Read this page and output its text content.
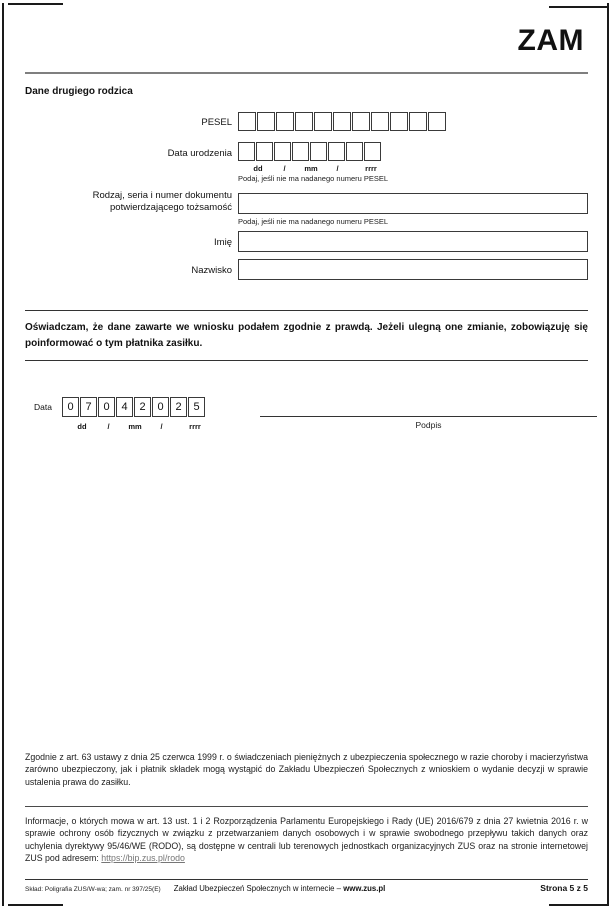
ZAM
Dane drugiego rodzica
PESEL
Data urodzenia
dd	/	mm	/	rrrr
Podaj, jeśli nie ma nadanego numeru PESEL
Rodzaj, seria i numer dokumentu
potwierdzającego tożsamość
Podaj, jeśli nie ma nadanego numeru PESEL
Imię
Nazwisko
Oświadczam, że dane zawarte we wniosku podałem zgodnie z prawdą. Jeżeli ulegną one zmianie, zobowiązuję się poinformować o tym płatnika zasiłku.
Data	0	7	0	4	2	0	2	5
dd	/	mm	/	rrrr	Podpis
Zgodnie z art. 63 ustawy z dnia 25 czerwca 1999 r. o świadczeniach pieniężnych z ubezpieczenia społecznego w razie choroby i macierzyństwa zarówno ubezpieczony, jak i płatnik składek mogą wystąpić do Zakładu Ubezpieczeń Społecznych z wnioskiem o wydanie decyzji w sprawie ustalenia prawa do zasiłku.
Informacje, o których mowa w art. 13 ust. 1 i 2 Rozporządzenia Parlamentu Europejskiego i Rady (UE) 2016/679 z dnia 27 kwietnia 2016 r. w sprawie ochrony osób fizycznych w związku z przetwarzaniem danych osobowych i w sprawie swobodnego przepływu takich danych oraz uchylenia dyrektywy 95/46/WE (RODO), są dostępne w centrali lub terenowych jednostkach organizacyjnych ZUS oraz na stronie internetowej ZUS pod adresem: https://bip.zus.pl/rodo
Skład: Poligrafia ZUS/W-wa; zam. nr 397/25(E) Zakład Ubezpieczeń Społecznych w internecie – www.zus.pl	Strona 5 z 5
